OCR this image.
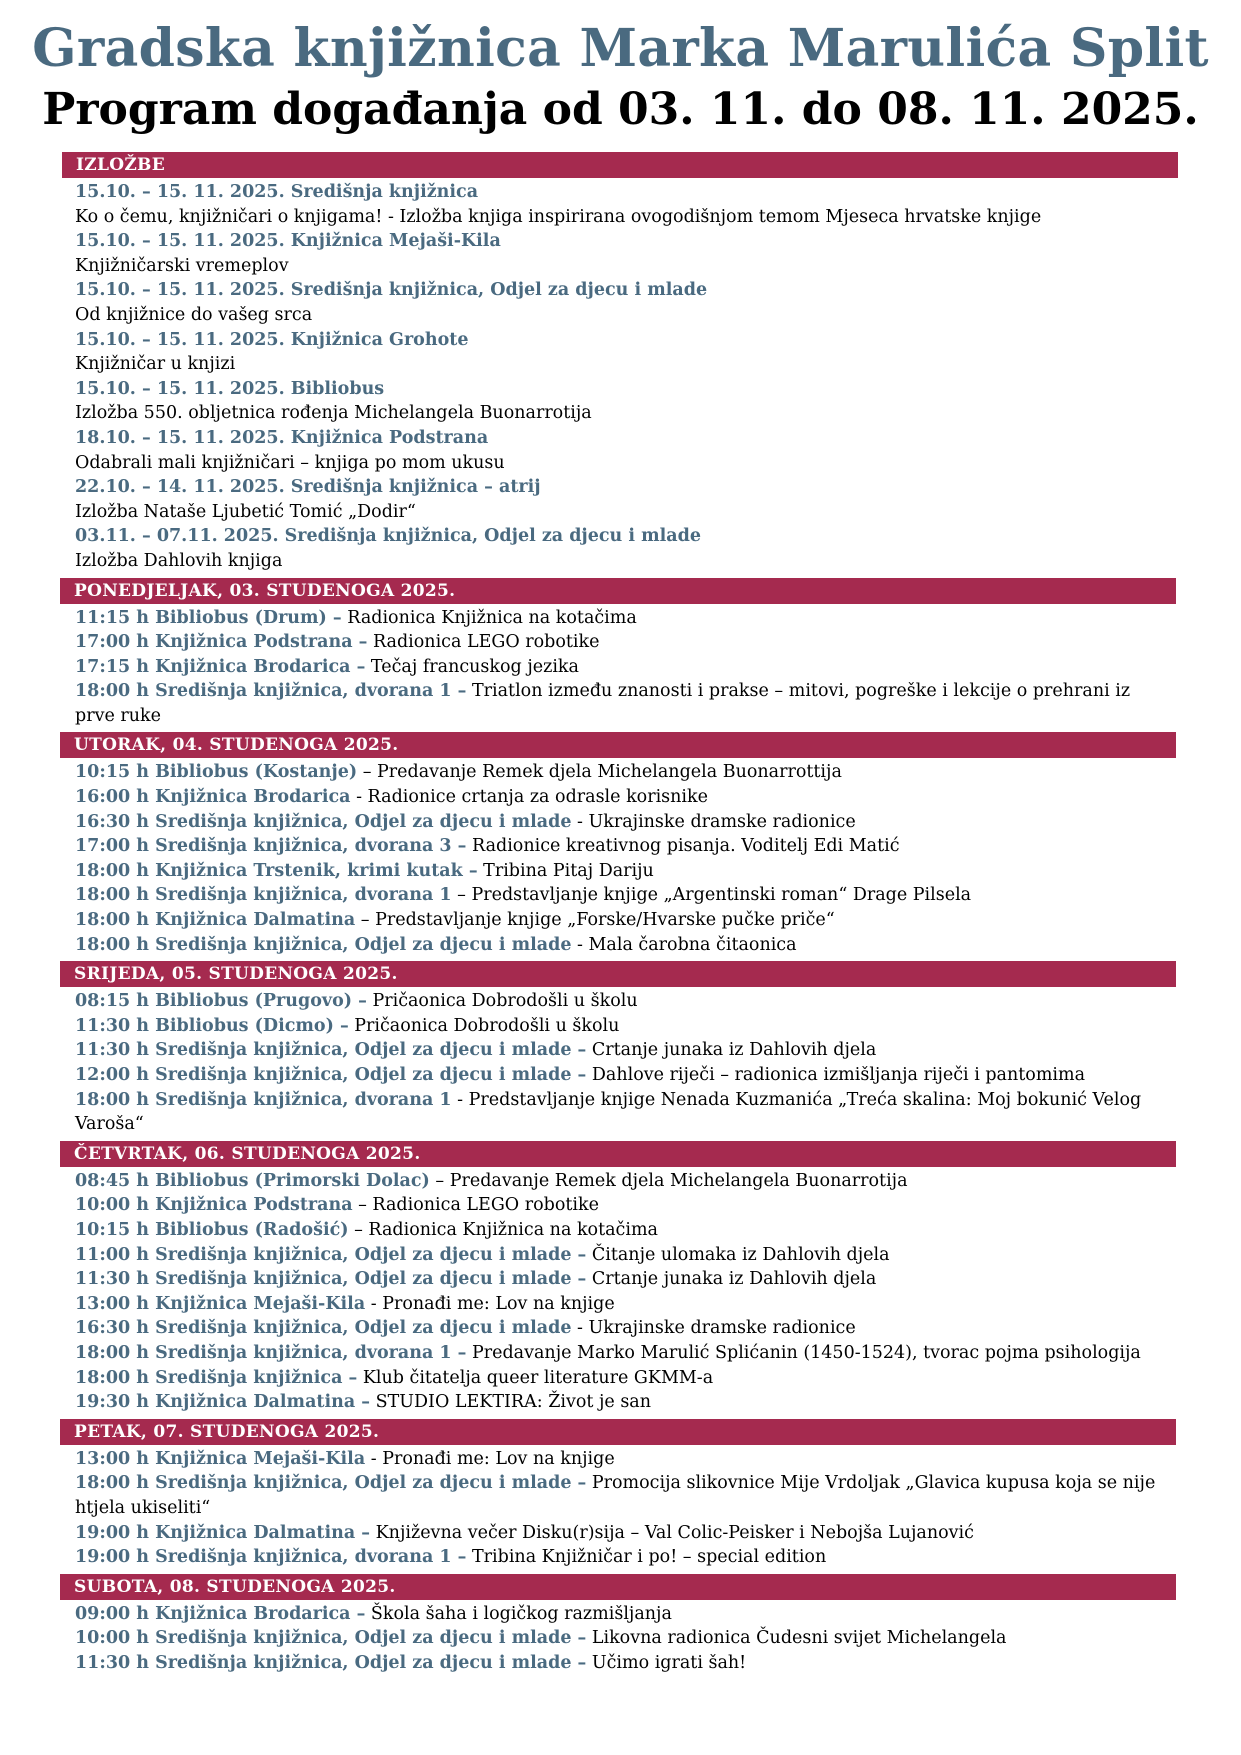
Gradska knjižnica Marka Marulića Split
Program događanja od 03. 11. do 08. 11. 2025.
IZLOŽBE
15.10. – 15. 11. 2025. Središnja knjižnica
Ko o čemu, knjižničari o knjigama! - Izložba knjiga inspirirana ovogodišnjom temom Mjeseca hrvatske knjige
15.10. – 15. 11. 2025. Knjižnica Mejaši-Kila
Knjižničarski vremeplov
15.10. – 15. 11. 2025. Središnja knjižnica, Odjel za djecu i mlade
Od knjižnice do vašeg srca
15.10. – 15. 11. 2025. Knjižnica Grohote
Knjižničar u knjizi
15.10. – 15. 11. 2025. Bibliobus
Izložba 550. obljetnica rođenja Michelangela Buonarrotija
18.10. – 15. 11. 2025. Knjižnica Podstrana
Odabrali mali knjižničari – knjiga po mom ukusu
22.10. – 14. 11. 2025. Središnja knjižnica – atrij
Izložba Nataše Ljubetić Tomić „Dodir“
03.11. – 07.11. 2025. Središnja knjižnica, Odjel za djecu i mlade
Izložba Dahlovih knjiga
PONEDJELJAK, 03. STUDENOGA 2025.
11:15 h Bibliobus (Drum) – Radionica Knjižnica na kotačima
17:00 h Knjižnica Podstrana – Radionica LEGO robotike
17:15 h Knjižnica Brodarica – Tečaj francuskog jezika
18:00 h Središnja knjižnica, dvorana 1 – Triatlon između znanosti i prakse – mitovi, pogreške i lekcije o prehrani iz prve ruke
UTORAK, 04. STUDENOGA 2025.
10:15 h Bibliobus (Kostanje) – Predavanje Remek djela Michelangela Buonarrottija
16:00 h Knjižnica Brodarica - Radionice crtanja za odrasle korisnike
16:30 h Središnja knjižnica, Odjel za djecu i mlade - Ukrajinske dramske radionice
17:00 h Središnja knjižnica, dvorana 3 – Radionice kreativnog pisanja. Voditelj Edi Matić
18:00 h Knjižnica Trstenik, krimi kutak – Tribina Pitaj Dariju
18:00 h Središnja knjižnica, dvorana 1 – Predstavljanje knjige „Argentinski roman“ Drage Pilsela
18:00 h Knjižnica Dalmatina – Predstavljanje knjige „Forske/Hvarske pučke priče“
18:00 h Središnja knjižnica, Odjel za djecu i mlade - Mala čarobna čitaonica
SRIJEDA, 05. STUDENOGA 2025.
08:15 h Bibliobus (Prugovo) – Pričaonica Dobrodošli u školu
11:30 h Bibliobus (Dicmo) – Pričaonica Dobrodošli u školu
11:30 h Središnja knjižnica, Odjel za djecu i mlade – Crtanje junaka iz Dahlovih djela
12:00 h Središnja knjižnica, Odjel za djecu i mlade – Dahlove riječi – radionica izmišljanja riječi i pantomima
18:00 h Središnja knjižnica, dvorana 1 - Predstavljanje knjige Nenada Kuzmanića „Treća skalina: Moj bokunić Velog Varoša“
ČETVRTAK, 06. STUDENOGA 2025.
08:45 h Bibliobus (Primorski Dolac) – Predavanje Remek djela Michelangela Buonarrotija
10:00 h Knjižnica Podstrana – Radionica LEGO robotike
10:15 h Bibliobus (Radošić) – Radionica Knjižnica na kotačima
11:00 h Središnja knjižnica, Odjel za djecu i mlade – Čitanje ulomaka iz Dahlovih djela
11:30 h Središnja knjižnica, Odjel za djecu i mlade – Crtanje junaka iz Dahlovih djela
13:00 h Knjižnica Mejaši-Kila - Pronađi me: Lov na knjige
16:30 h Središnja knjižnica, Odjel za djecu i mlade - Ukrajinske dramske radionice
18:00 h Središnja knjižnica, dvorana 1 – Predavanje Marko Marulić Splićanin (1450-1524), tvorac pojma psihologija
18:00 h Središnja knjižnica – Klub čitatelja queer literature GKMM-a
19:30 h Knjižnica Dalmatina – STUDIO LEKTIRA: Život je san
PETAK, 07. STUDENOGA 2025.
13:00 h Knjižnica Mejaši-Kila - Pronađi me: Lov na knjige
18:00 h Središnja knjižnica, Odjel za djecu i mlade – Promocija slikovnice Mije Vrdoljak „Glavica kupusa koja se nije htjela ukiseliti“
19:00 h Knjižnica Dalmatina – Književna večer Disku(r)sija – Val Colic-Peisker i Nebojša Lujanović
19:00 h Središnja knjižnica, dvorana 1 – Tribina Knjižničar i po! – special edition
SUBOTA, 08. STUDENOGA 2025.
09:00 h Knjižnica Brodarica – Škola šaha i logičkog razmišljanja
10:00 h Središnja knjižnica, Odjel za djecu i mlade – Likovna radionica Čudesni svijet Michelangela
11:30 h Središnja knjižnica, Odjel za djecu i mlade – Učimo igrati šah!
